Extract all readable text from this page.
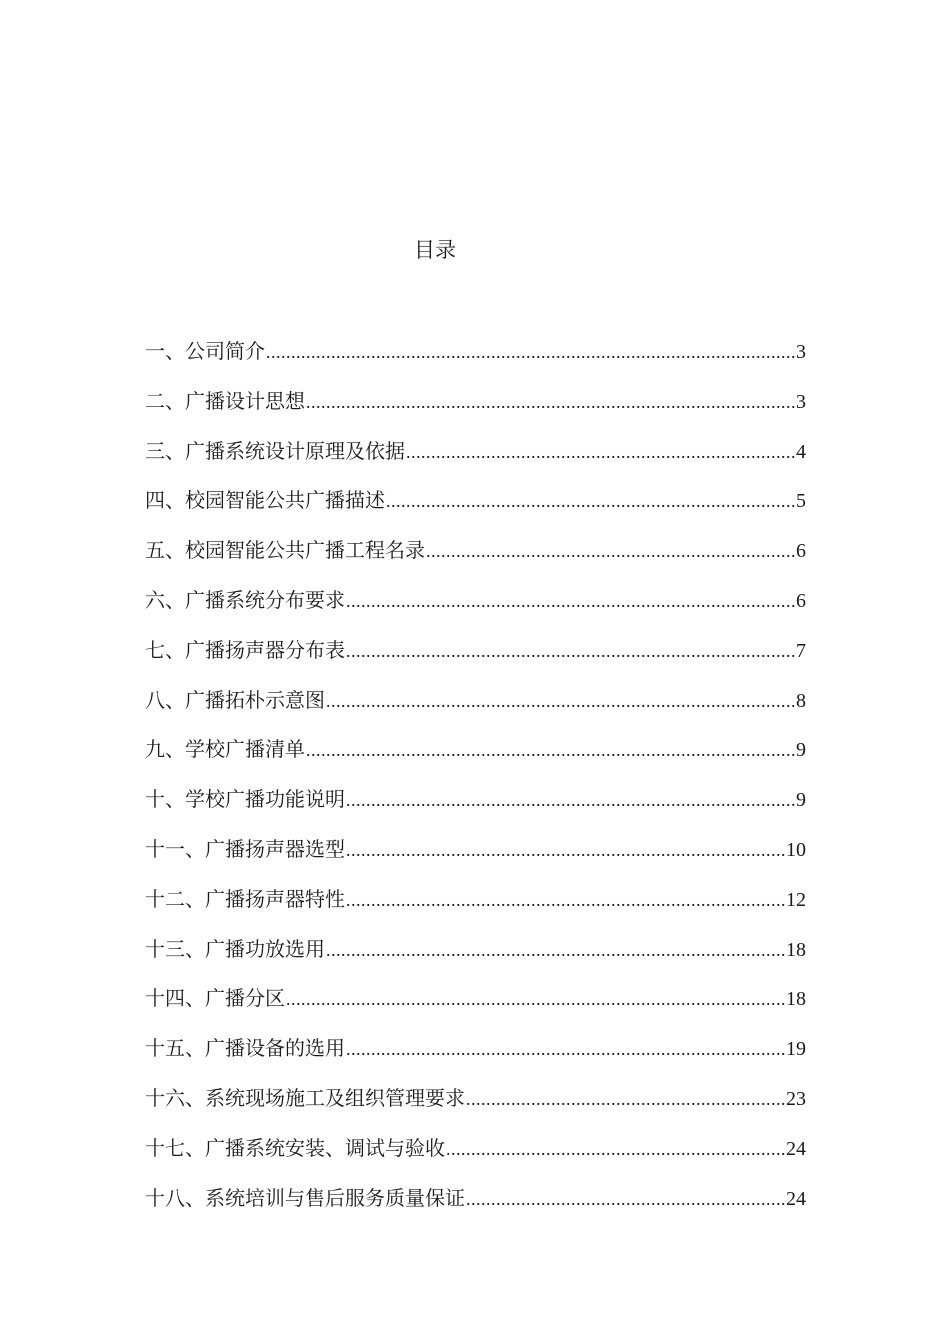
目录
一、公司简介 .....	3
二、广播设计思想 .....	3
三、广播系统设计原理及依据 .....	4
四、校园智能公共广播描述 .....	5
五、校园智能公共广播工程名录 .....	6
六、广播系统分布要求 .....	6
七、广播扬声器分布表 .....	7
八、广播拓朴示意图 .....	8
九、学校广播清单 .....	9
十、学校广播功能说明 .....	9
十一、广播扬声器选型 .....	10
十二、广播扬声器特性 .....	12
十三、广播功放选用 .....	18
十四、广播分区 .....	18
十五、广播设备的选用 .....	19
十六、系统现场施工及组织管理要求 .....	23
十七、广播系统安装、调试与验收 .....	24
十八、系统培训与售后服务质量保证 .....	24
